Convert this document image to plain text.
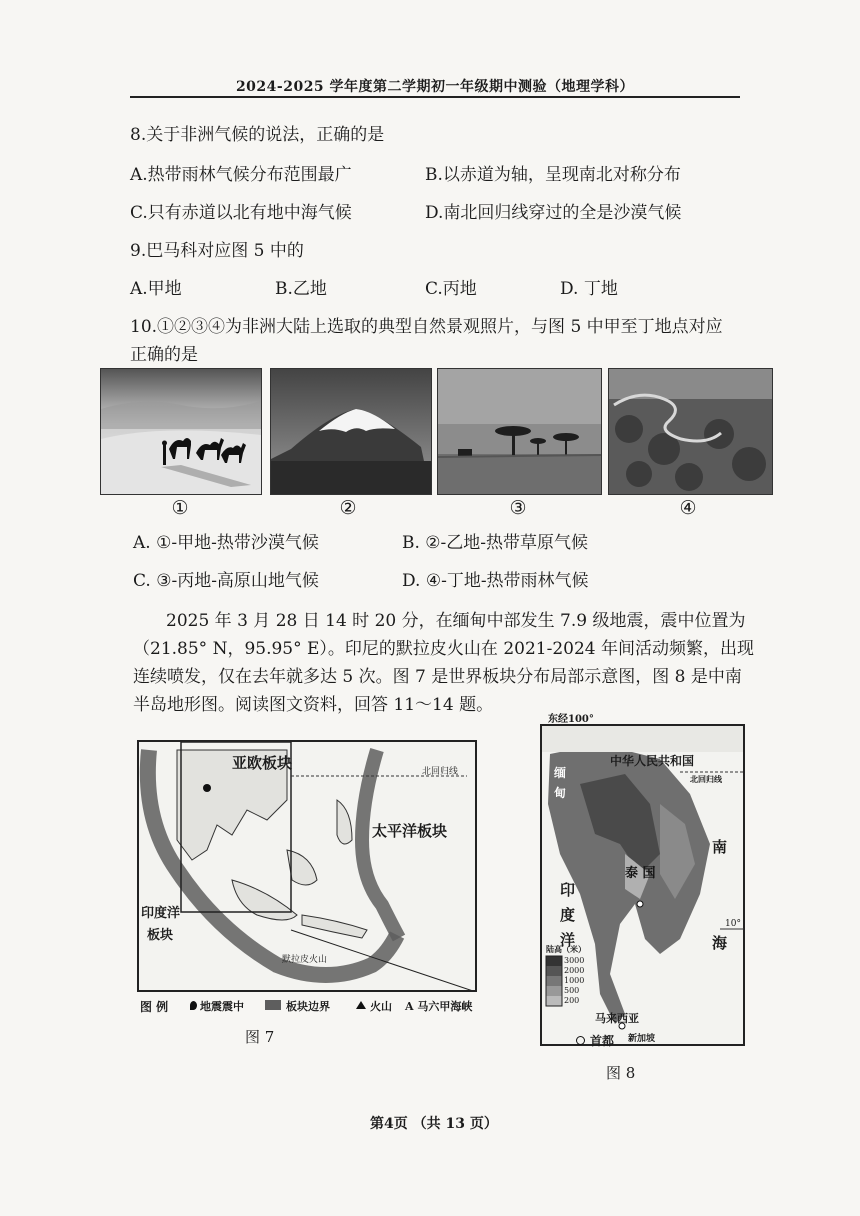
2024-2025 学年度第二学期初一年级期中测验（地理学科）
8.关于非洲气候的说法，正确的是
A.热带雨林气候分布范围最广	B.以赤道为轴，呈现南北对称分布
C.只有赤道以北有地中海气候	D.南北回归线穿过的全是沙漠气候
9.巴马科对应图 5 中的
A.甲地	B.乙地	C.丙地	D. 丁地
10.①②③④为非洲大陆上选取的典型自然景观照片，与图 5 中甲至丁地点对应
正确的是
①	②	③	④
A. ①-甲地-热带沙漠气候	B. ②-乙地-热带草原气候
C. ③-丙地-高原山地气候	D. ④-丁地-热带雨林气候
2025 年 3 月 28 日 14 时 20 分，在缅甸中部发生 7.9 级地震，震中位置为
（21.85° N，95.95° E）。印尼的默拉皮火山在 2021-2024 年间活动频繁，出现
连续喷发，仅在去年就多达 5 次。图 7 是世界板块分布局部示意图，图 8 是中南
半岛地形图。阅读图文资料，回答 11～14 题。
亚欧板块
太平洋板块
印度洋
板块
北回归线
默拉皮火山
图 例	地震震中	板块边界	火山 A 马六甲海峡
图 7
中华人民共和国
北回归线
10°
南
海
印
度
洋
泰 国
马来西亚
新加坡
缅
甸
陆高（米）
3000
2000
1000
500
200
东经100°
首都
图 8
第4页 （共 13 页）
